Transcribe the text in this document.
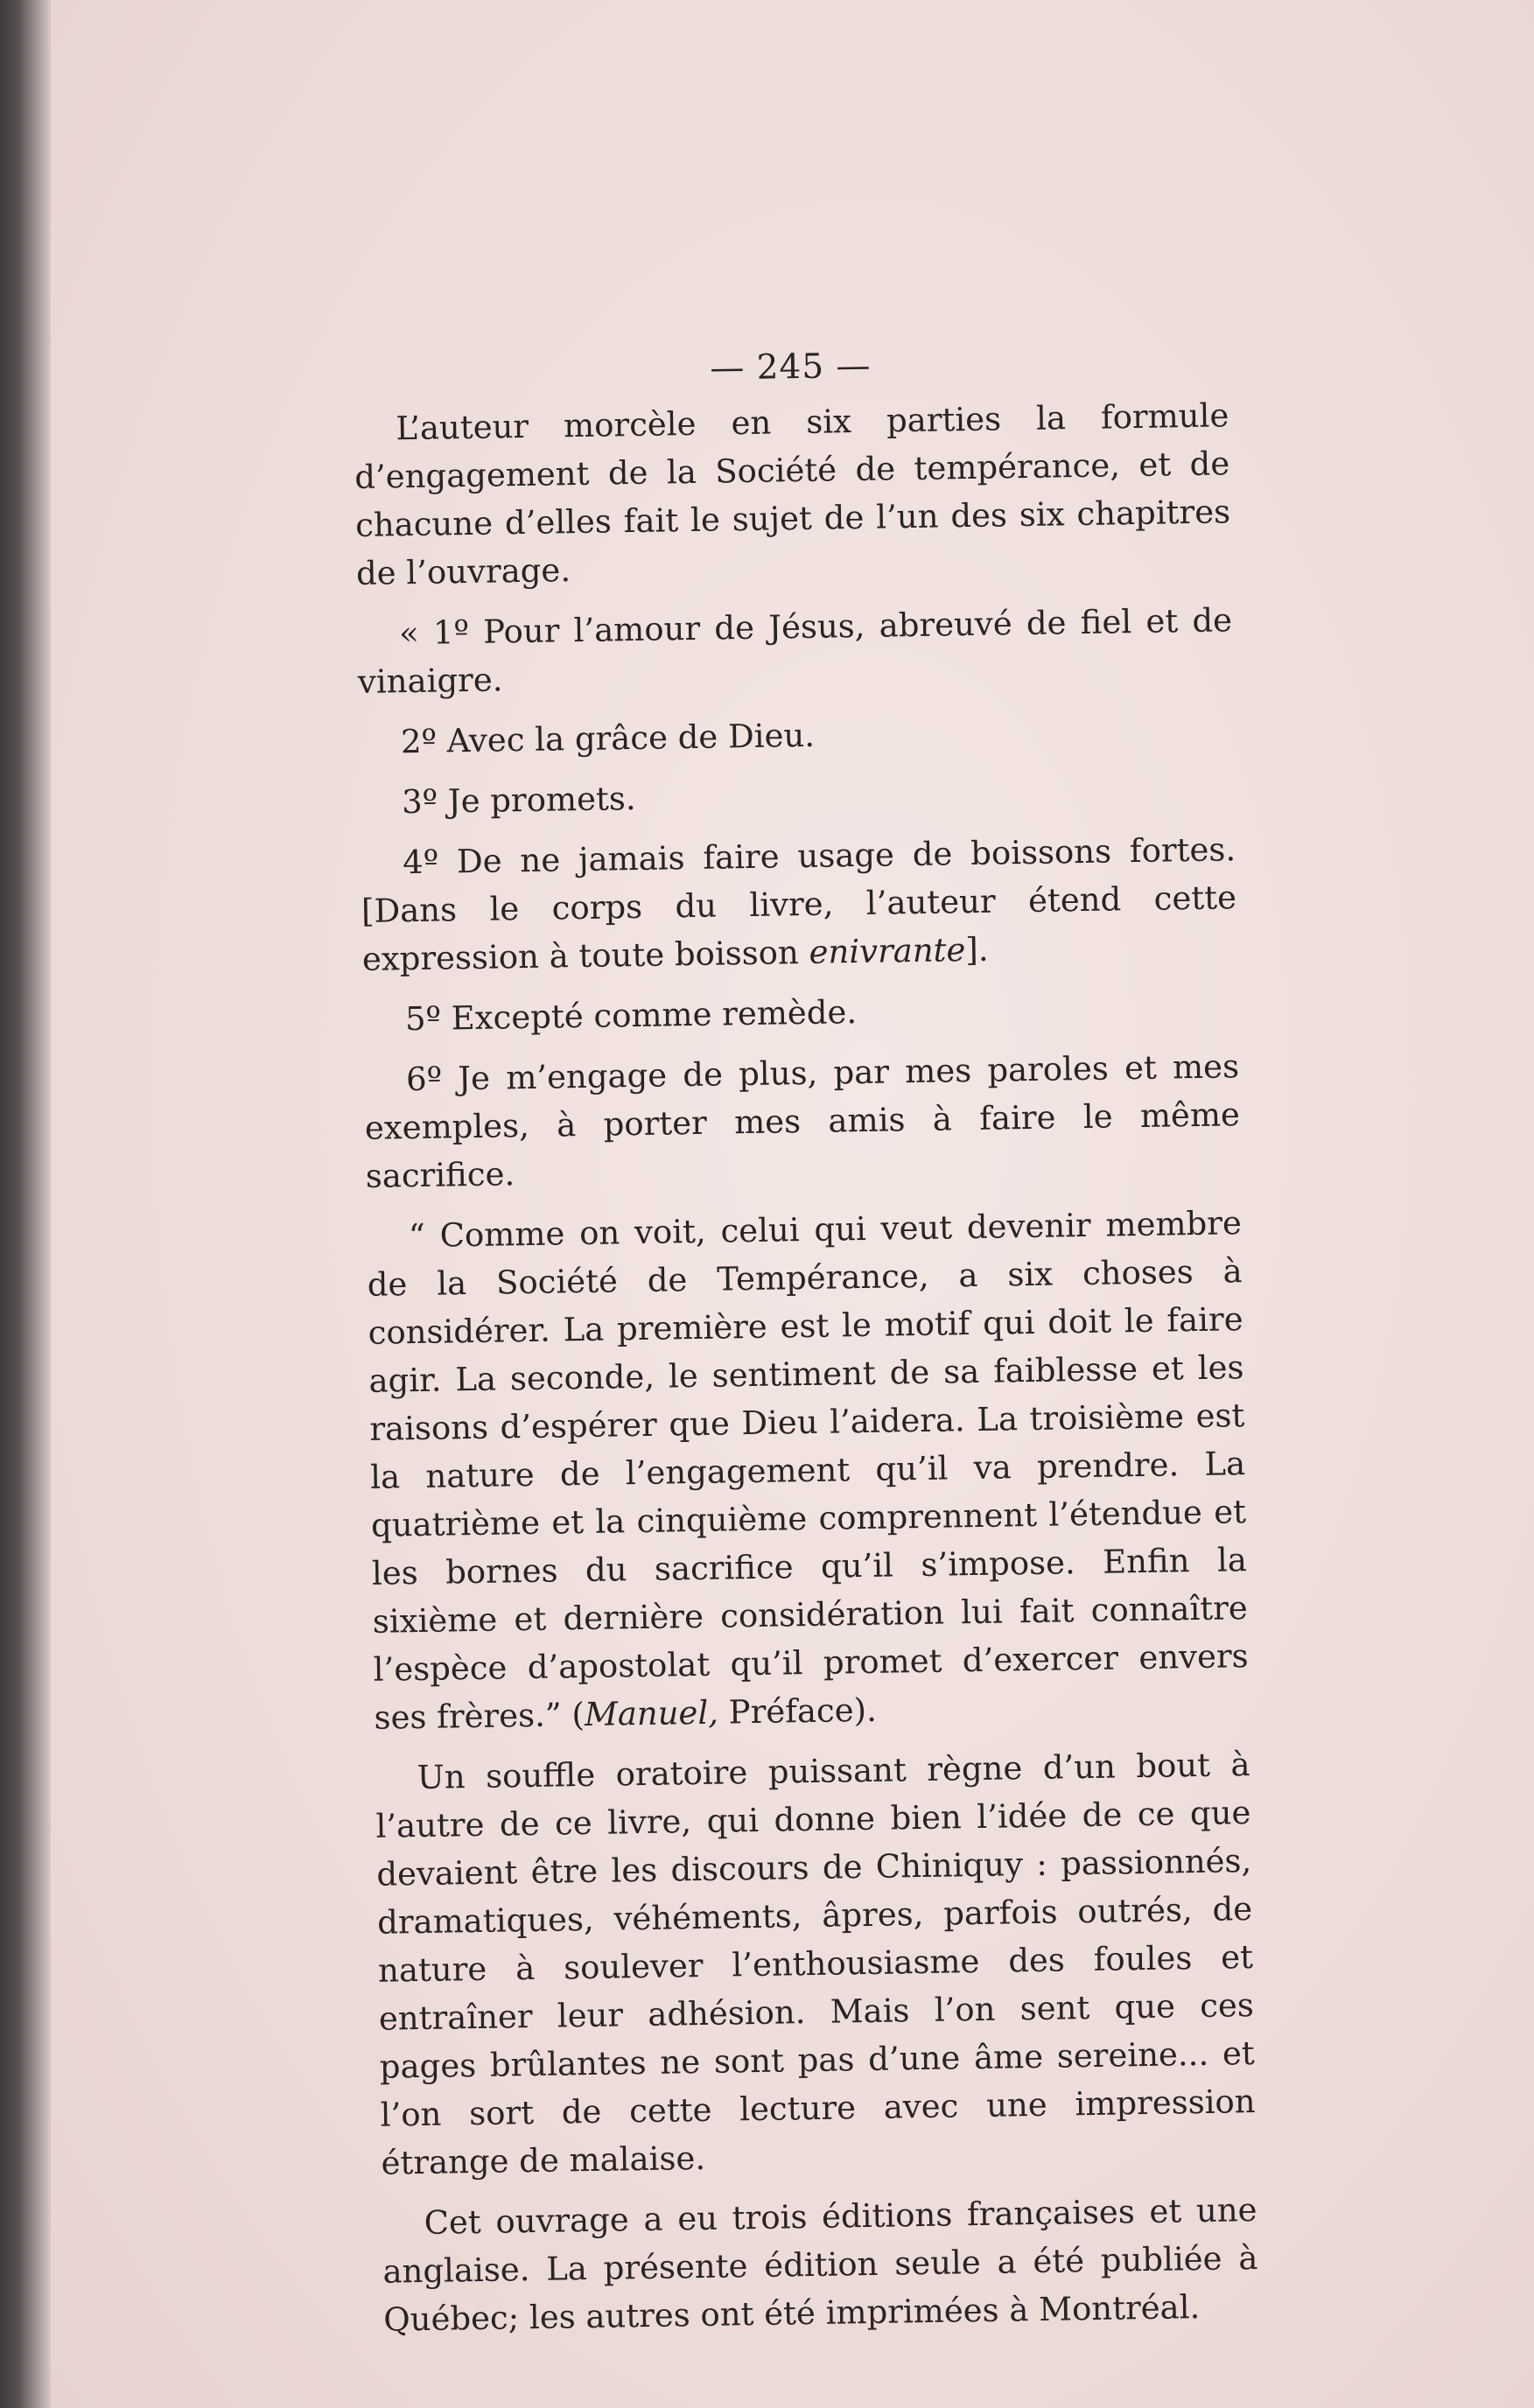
— 245 —

L’auteur morcèle en six parties la formule d’engagement de la Société de tempérance, et de chacune d’elles fait le sujet de l’un des six chapitres de l’ouvrage.

« 1º Pour l’amour de Jésus, abreuvé de fiel et de vinaigre.

2º Avec la grâce de Dieu.

3º Je promets.

4º De ne jamais faire usage de boissons fortes. [Dans le corps du livre, l’auteur étend cette expression à toute boisson enivrante].

5º Excepté comme remède.

6º Je m’engage de plus, par mes paroles et mes exemples, à porter mes amis à faire le même sacrifice.

“ Comme on voit, celui qui veut devenir membre de la Société de Tempérance, a six choses à considérer. La première est le motif qui doit le faire agir. La seconde, le sentiment de sa faiblesse et les raisons d’espérer que Dieu l’aidera. La troisième est la nature de l’engagement qu’il va prendre. La quatrième et la cinquième comprennent l’étendue et les bornes du sacrifice qu’il s’impose. Enfin la sixième et dernière considération lui fait connaître l’espèce d’apostolat qu’il promet d’exercer envers ses frères.” (Manuel, Préface).

Un souffle oratoire puissant règne d’un bout à l’autre de ce livre, qui donne bien l’idée de ce que devaient être les discours de Chiniquy : passionnés, dramatiques, véhéments, âpres, parfois outrés, de nature à soulever l’enthousiasme des foules et entraîner leur adhésion. Mais l’on sent que ces pages brûlantes ne sont pas d’une âme sereine... et l’on sort de cette lecture avec une impression étrange de malaise.

Cet ouvrage a eu trois éditions françaises et une anglaise. La présente édition seule a été publiée à Québec; les autres ont été imprimées à Montréal.
